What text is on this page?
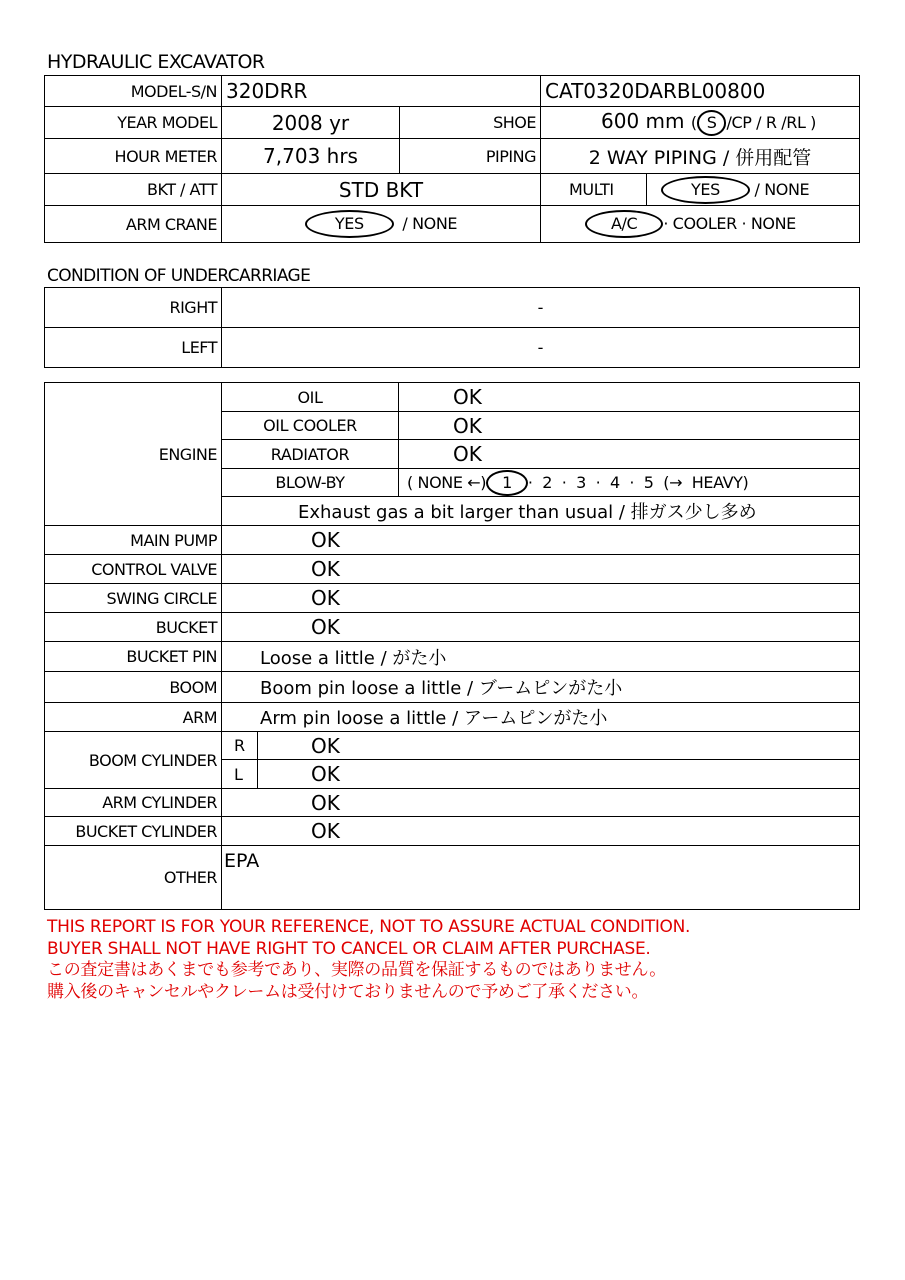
HYDRAULIC EXCAVATOR
MODEL-S/N	320DRR		CAT0320DARBL00800	
YEAR MODEL	2008 yr	SHOE	600 mm ( S /CP / R /RL )	
HOUR METER	7,703 hrs	PIPING	2 WAY PIPING / 併用配管	
BKT / ATT	STD BKT		MULTI	YES / NONE
ARM CRANE	YES / NONE		A/C · COOLER · NONE	
CONDITION OF UNDERCARRIAGE
RIGHT	-
LEFT	-
ENGINE	OIL		OK
	OIL COOLER		OK
	RADIATOR		OK
	BLOW-BY		( NONE ←) 1 · 2 · 3 · 4 · 5 (→ HEAVY)
	Exhaust gas a bit larger than usual / 排ガス少し多め		
MAIN PUMP	OK		
CONTROL VALVE	OK		
SWING CIRCLE	OK		
BUCKET	OK		
BUCKET PIN	Loose a little / がた小		
BOOM	Boom pin loose a little / ブームピンがた小		
ARM	Arm pin loose a little / アームピンがた小		
BOOM CYLINDER	R	OK	
	L	OK	
ARM CYLINDER	OK		
BUCKET CYLINDER	OK		
OTHER	EPA		
THIS REPORT IS FOR YOUR REFERENCE, NOT TO ASSURE ACTUAL CONDITION.
BUYER SHALL NOT HAVE RIGHT TO CANCEL OR CLAIM AFTER PURCHASE.
この査定書はあくまでも参考であり、実際の品質を保証するものではありません。
購入後のキャンセルやクレームは受付けておりませんので予めご了承ください。
